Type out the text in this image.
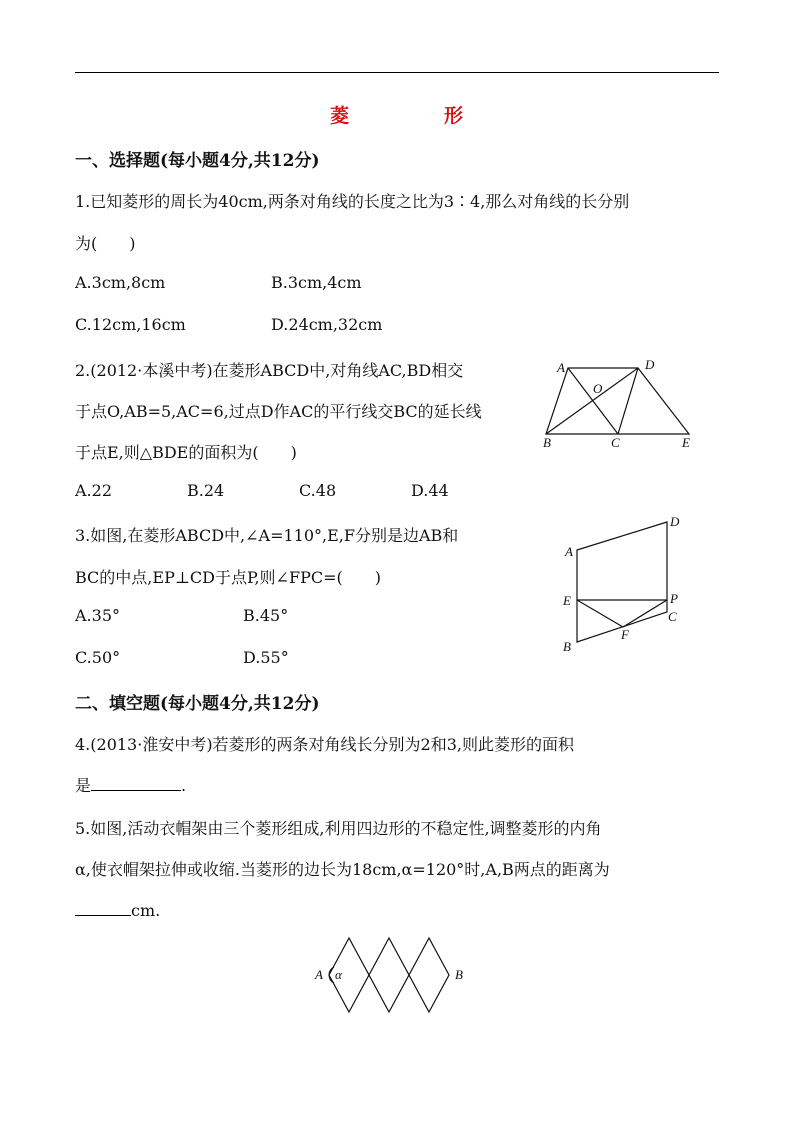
菱　形
一、选择题(每小题4分,共12分)
1.已知菱形的周长为40cm,两条对角线的长度之比为3∶4,那么对角线的长分别
为(　　)
A.3cm,8cm	B.3cm,4cm
C.12cm,16cm	D.24cm,32cm
2.(2012·本溪中考)在菱形ABCD中,对角线AC,BD相交
于点O,AB=5,AC=6,过点D作AC的平行线交BC的延长线
于点E,则△BDE的面积为(　　)
A.22	B.24	C.48	D.44
A	D
O
B	C	E
3.如图,在菱形ABCD中,∠A=110°,E,F分别是边AB和
BC的中点,EP⊥CD于点P,则∠FPC=(　　)
A.35°	B.45°
C.50°	D.55°
A
D
E	P
C
F
B
二、填空题(每小题4分,共12分)
4.(2013·淮安中考)若菱形的两条对角线长分别为2和3,则此菱形的面积
是	.
5.如图,活动衣帽架由三个菱形组成,利用四边形的不稳定性,调整菱形的内角
α,使衣帽架拉伸或收缩.当菱形的边长为18cm,α=120°时,A,B两点的距离为
cm.
A α	B
